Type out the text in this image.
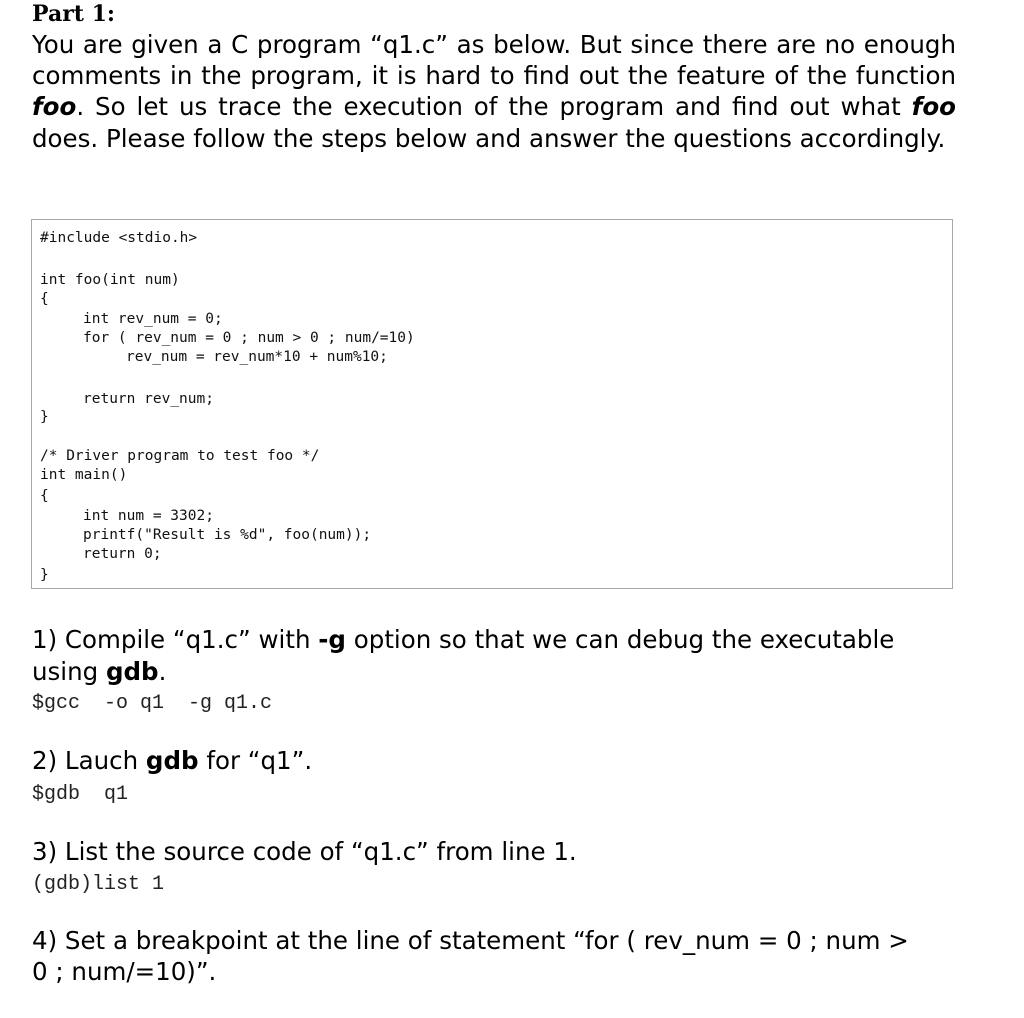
Part 1:
You are given a C program “q1.c” as below. But since there are no enough comments in the program, it is hard to find out the feature of the function foo. So let us trace the execution of the program and find out what foo does. Please follow the steps below and answer the questions accordingly.
#include <stdio.h>
int foo(int num)
{
int rev_num = 0;
for ( rev_num = 0 ; num > 0 ; num/=10)
rev_num = rev_num*10 + num%10;
return rev_num;
}
/* Driver program to test foo */
int main()
{
int num = 3302;
printf("Result is %d", foo(num));
return 0;
}
1) Compile “q1.c” with -g option so that we can debug the executable
using gdb.
$gcc  -o q1  -g q1.c
2) Lauch gdb for “q1”.
$gdb  q1
3) List the source code of “q1.c” from line 1.
(gdb)list 1
4) Set a breakpoint at the line of statement “for ( rev_num = 0 ; num >
0 ; num/=10)”.
